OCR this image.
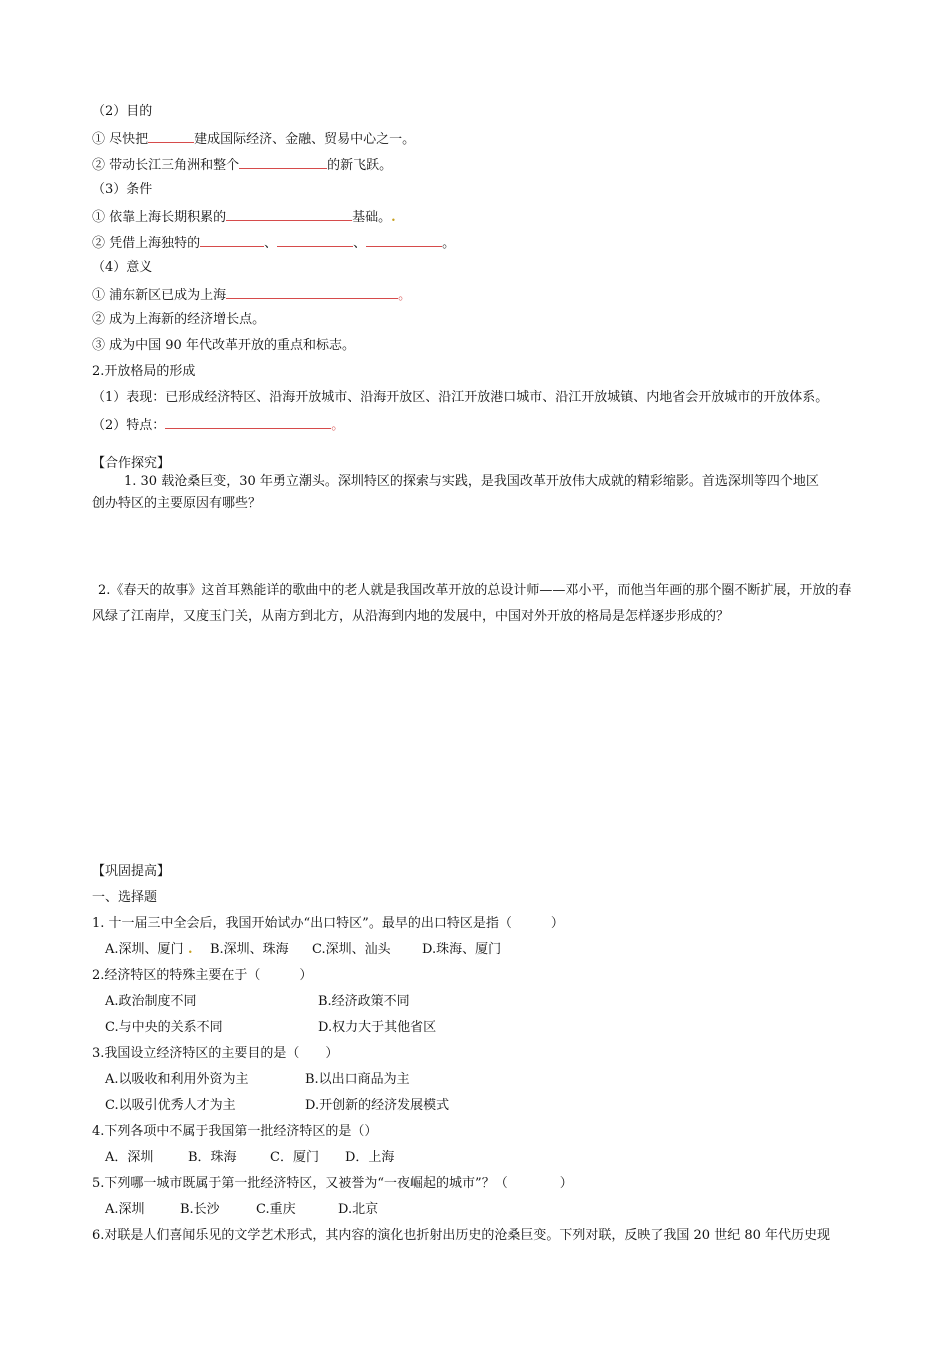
（2）目的
① 尽快把	建成国际经济、金融、贸易中心之一。
② 带动长江三角洲和整个	的新飞跃。
（3）条件
① 依靠上海长期积累的	基础。.
② 凭借上海独特的	、	、	。
（4）意义
① 浦东新区已成为上海	。
② 成为上海新的经济增长点。
③ 成为中国 90 年代改革开放的重点和标志。
2.开放格局的形成
（1）表现：已形成经济特区、沿海开放城市、沿海开放区、沿江开放港口城市、沿江开放城镇、内地省会开放城市的开放体系。
（2）特点：	。
【合作探究】
1. 30 载沧桑巨变，30 年勇立潮头。深圳特区的探索与实践，是我国改革开放伟大成就的精彩缩影。首选深圳等四个地区
创办特区的主要原因有哪些？
2.《春天的故事》这首耳熟能详的歌曲中的老人就是我国改革开放的总设计师——邓小平，而他当年画的那个圈不断扩展，开放的春风绿了江南岸，又度玉门关，从南方到北方，从沿海到内地的发展中，中国对外开放的格局是怎样逐步形成的？
【巩固提高】
一、选择题
1. 十一届三中全会后，我国开始试办“出口特区”。最早的出口特区是指（　　　）
A.深圳、厦门 . B.深圳、珠海 C.深圳、汕头 D.珠海、厦门
2.经济特区的特殊主要在于（　　　）
A.政治制度不同	B.经济政策不同
C.与中央的关系不同	D.权力大于其他省区
3.我国设立经济特区的主要目的是（　　）
A.以吸收和利用外资为主	B.以出口商品为主
C.以吸引优秀人才为主	D.开创新的经济发展模式
4.下列各项中不属于我国第一批经济特区的是（）
A．深圳	B．珠海	C．厦门 D．上海
5.下列哪一城市既属于第一批经济特区，又被誉为“一夜崛起的城市”？（　　　　）
A.深圳	B.长沙	C.重庆	D.北京
6.对联是人们喜闻乐见的文学艺术形式，其内容的演化也折射出历史的沧桑巨变。下列对联，反映了我国 20 世纪 80 年代历史现
